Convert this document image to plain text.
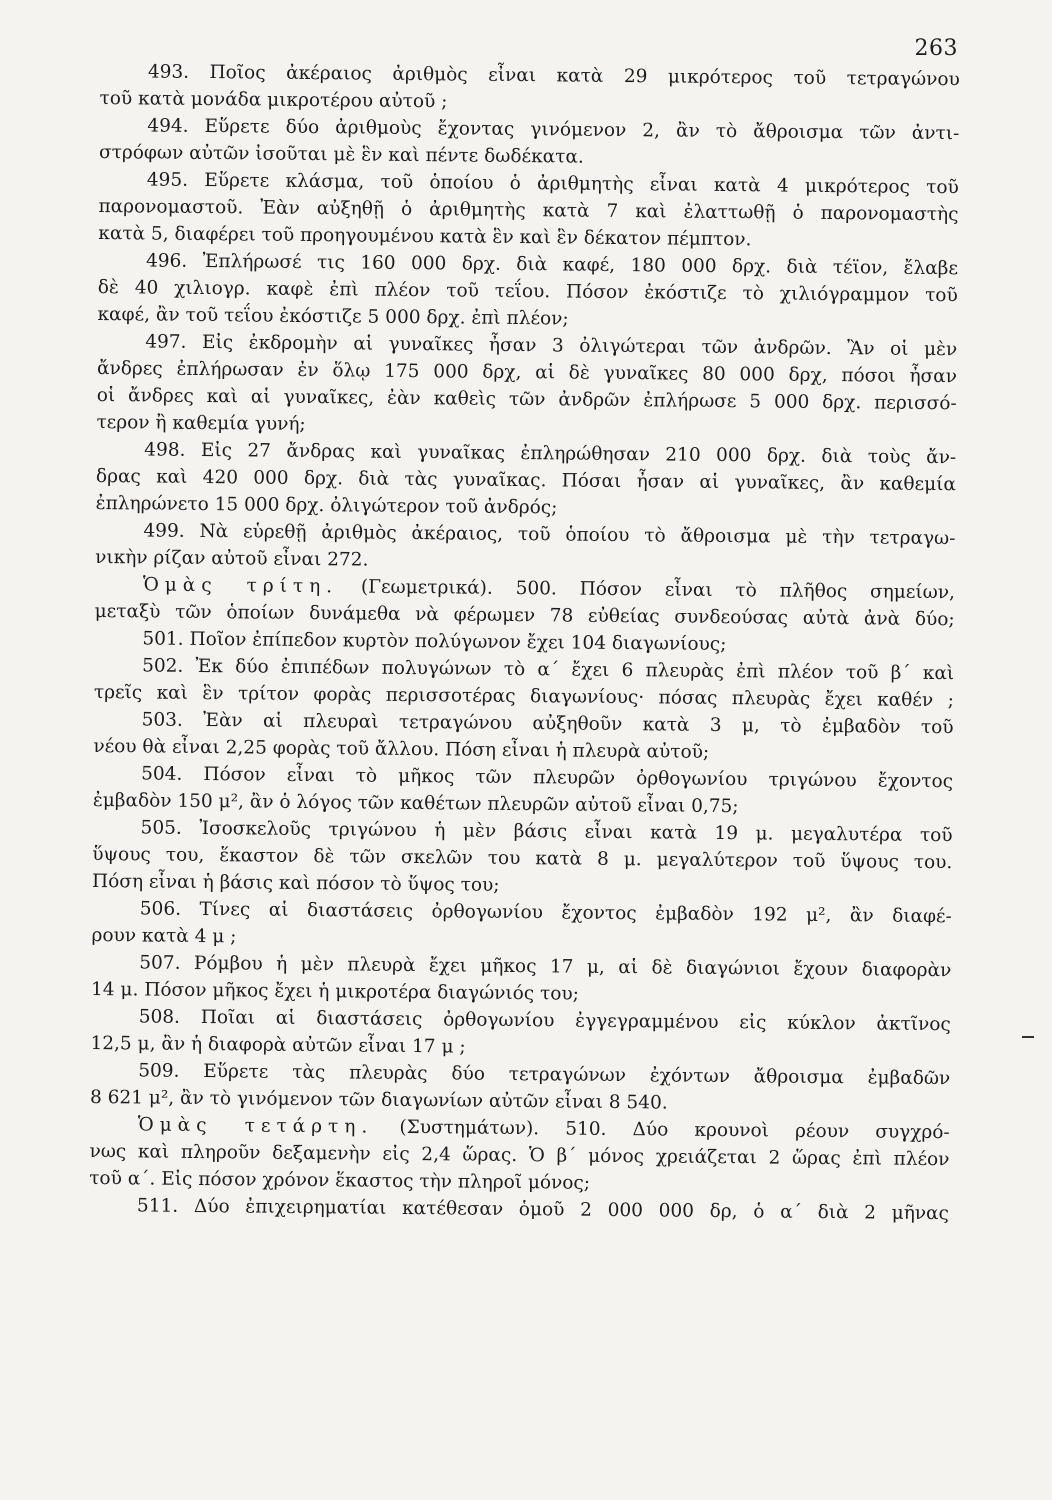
263
493. Ποῖος ἀκέραιος ἀριθμὸς εἶναι κατὰ 29 μικρότερος τοῦ τετραγώνου
τοῦ κατὰ μονάδα μικροτέρου αὐτοῦ ;
494. Εὕρετε δύο ἀριθμοὺς ἔχοντας γινόμενον 2, ἂν τὸ ἄθροισμα τῶν ἀντι-
στρόφων αὐτῶν ἰσοῦται μὲ ἓν καὶ πέντε δωδέκατα.
495. Εὕρετε κλάσμα, τοῦ ὁποίου ὁ ἀριθμητὴς εἶναι κατὰ 4 μικρότερος τοῦ
παρονομαστοῦ. Ἐὰν αὐξηθῇ ὁ ἀριθμητὴς κατὰ 7 καὶ ἐλαττωθῇ ὁ παρονομαστὴς
κατὰ 5, διαφέρει τοῦ προηγουμένου κατὰ ἓν καὶ ἓν δέκατον πέμπτον.
496. Ἐπλήρωσέ τις 160 000 δρχ. διὰ καφέ, 180 000 δρχ. διὰ τέϊον, ἔλαβε
δὲ 40 χιλιογρ. καφὲ ἐπὶ πλέον τοῦ τεΐου. Πόσον ἐκόστιζε τὸ χιλιόγραμμον τοῦ
καφέ, ἂν τοῦ τεΐου ἐκόστιζε 5 000 δρχ. ἐπὶ πλέον;
497. Εἰς ἐκδρομὴν αἱ γυναῖκες ἦσαν 3 ὀλιγώτεραι τῶν ἀνδρῶν. Ἂν οἱ μὲν
ἄνδρες ἐπλήρωσαν ἐν ὅλῳ 175 000 δρχ, αἱ δὲ γυναῖκες 80 000 δρχ, πόσοι ἦσαν
οἱ ἄνδρες καὶ αἱ γυναῖκες, ἐὰν καθεὶς τῶν ἀνδρῶν ἐπλήρωσε 5 000 δρχ. περισσό-
τερον ἢ καθεμία γυνή;
498. Εἰς 27 ἄνδρας καὶ γυναῖκας ἐπληρώθησαν 210 000 δρχ. διὰ τοὺς ἄν-
δρας καὶ 420 000 δρχ. διὰ τὰς γυναῖκας. Πόσαι ἦσαν αἱ γυναῖκες, ἂν καθεμία
ἐπληρώνετο 15 000 δρχ. ὀλιγώτερον τοῦ ἀνδρός;
499. Νὰ εὑρεθῇ ἀριθμὸς ἀκέραιος, τοῦ ὁποίου τὸ ἄθροισμα μὲ τὴν τετραγω-
νικὴν ρίζαν αὐτοῦ εἶναι 272.
Ὁμὰς τρίτη. (Γεωμετρικά). 500. Πόσον εἶναι τὸ πλῆθος σημείων,
μεταξὺ τῶν ὁποίων δυνάμεθα νὰ φέρωμεν 78 εὐθείας συνδεούσας αὐτὰ ἀνὰ δύο;
501. Ποῖον ἐπίπεδον κυρτὸν πολύγωνον ἔχει 104 διαγωνίους;
502. Ἐκ δύο ἐπιπέδων πολυγώνων τὸ α΄ ἔχει 6 πλευρὰς ἐπὶ πλέον τοῦ β΄ καὶ
τρεῖς καὶ ἓν τρίτον φορὰς περισσοτέρας διαγωνίους· πόσας πλευρὰς ἔχει καθέν ;
503. Ἐὰν αἱ πλευραὶ τετραγώνου αὐξηθοῦν κατὰ 3 μ, τὸ ἐμβαδὸν τοῦ
νέου θὰ εἶναι 2,25 φορὰς τοῦ ἄλλου. Πόση εἶναι ἡ πλευρὰ αὐτοῦ;
504. Πόσον εἶναι τὸ μῆκος τῶν πλευρῶν ὀρθογωνίου τριγώνου ἔχοντος
ἐμβαδὸν 150 μ², ἂν ὁ λόγος τῶν καθέτων πλευρῶν αὐτοῦ εἶναι 0,75;
505. Ἰσοσκελοῦς τριγώνου ἡ μὲν βάσις εἶναι κατὰ 19 μ. μεγαλυτέρα τοῦ
ὕψους του, ἕκαστον δὲ τῶν σκελῶν του κατὰ 8 μ. μεγαλύτερον τοῦ ὕψους του.
Πόση εἶναι ἡ βάσις καὶ πόσον τὸ ὕψος του;
506. Τίνες αἱ διαστάσεις ὀρθογωνίου ἔχοντος ἐμβαδὸν 192 μ², ἂν διαφέ-
ρουν κατὰ 4 μ ;
507. Ρόμβου ἡ μὲν πλευρὰ ἔχει μῆκος 17 μ, αἱ δὲ διαγώνιοι ἔχουν διαφορὰν
14 μ. Πόσον μῆκος ἔχει ἡ μικροτέρα διαγώνιός του;
508. Ποῖαι αἱ διαστάσεις ὀρθογωνίου ἐγγεγραμμένου εἰς κύκλον ἀκτῖνος
12,5 μ, ἂν ἡ διαφορὰ αὐτῶν εἶναι 17 μ ;
509. Εὕρετε τὰς πλευρὰς δύο τετραγώνων ἐχόντων ἄθροισμα ἐμβαδῶν
8 621 μ², ἂν τὸ γινόμενον τῶν διαγωνίων αὐτῶν εἶναι 8 540.
Ὁμὰς τετάρτη. (Συστημάτων). 510. Δύο κρουνοὶ ρέουν συγχρό-
νως καὶ πληροῦν δεξαμενὴν εἰς 2,4 ὥρας. Ὁ β΄ μόνος χρειάζεται 2 ὥρας ἐπὶ πλέον
τοῦ α΄. Εἰς πόσον χρόνον ἕκαστος τὴν πληροῖ μόνος;
511. Δύο ἐπιχειρηματίαι κατέθεσαν ὁμοῦ 2 000 000 δρ, ὁ α΄ διὰ 2 μῆνας
